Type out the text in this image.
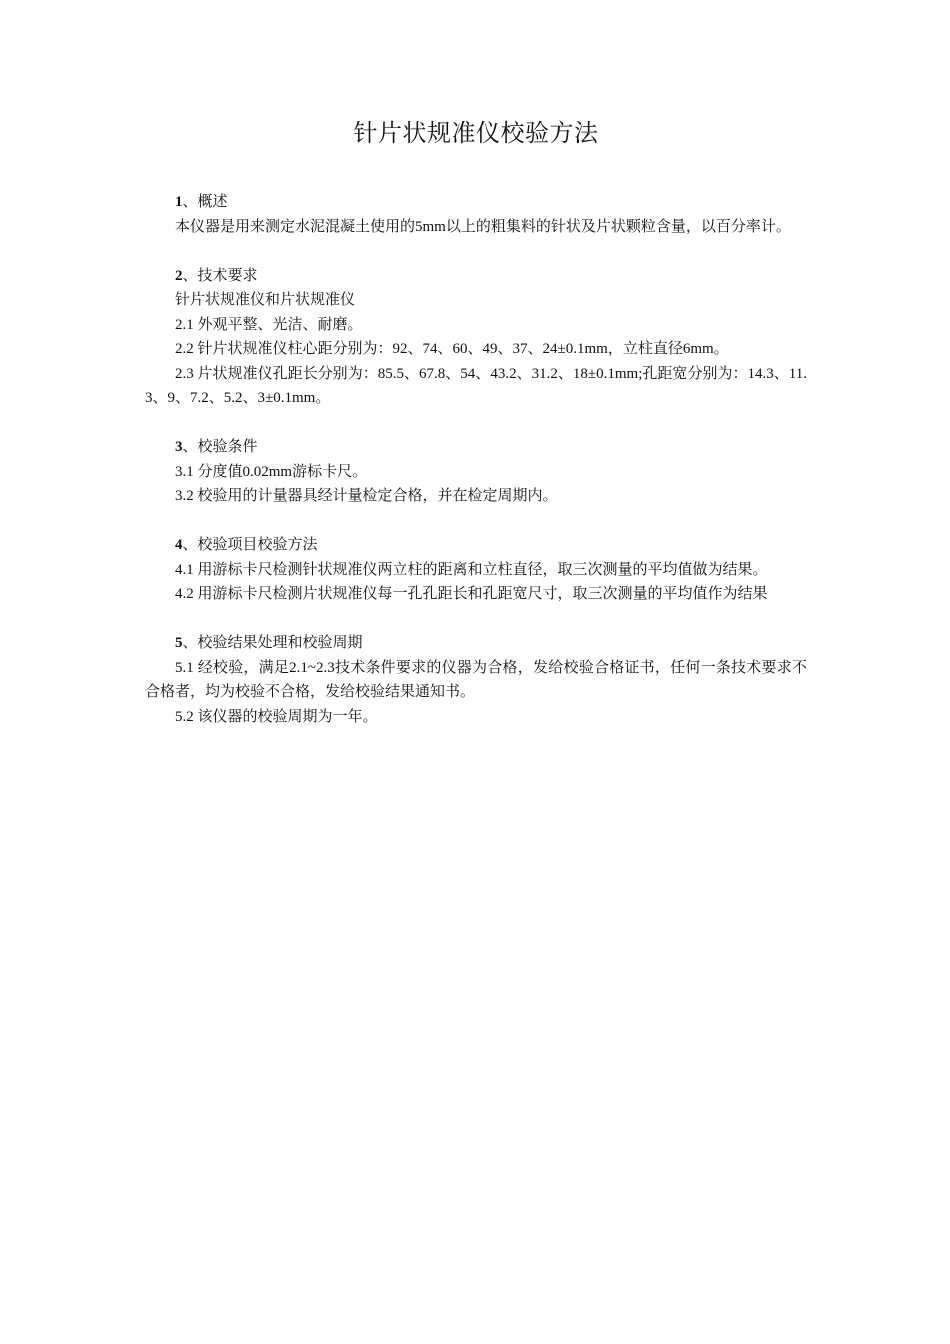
针片状规准仪校验方法

1、概述

本仪器是用来测定水泥混凝土使用的5mm以上的粗集料的针状及片状颗粒含量，以百分率计。

2、技术要求

针片状规准仪和片状规准仪

2.1 外观平整、光洁、耐磨。

2.2 针片状规准仪柱心距分别为：92、74、60、49、37、24±0.1mm，立柱直径6mm。

2.3 片状规准仪孔距长分别为：85.5、67.8、54、43.2、31.2、18±0.1mm;孔距宽分别为：14.3、11.3、9、7.2、5.2、3±0.1mm。

3、校验条件

3.1 分度值0.02mm游标卡尺。

3.2 校验用的计量器具经计量检定合格，并在检定周期内。

4、校验项目校验方法

4.1 用游标卡尺检测针状规准仪两立柱的距离和立柱直径，取三次测量的平均值做为结果。

4.2 用游标卡尺检测片状规准仪每一孔孔距长和孔距宽尺寸，取三次测量的平均值作为结果

5、校验结果处理和校验周期

5.1 经校验，满足2.1~2.3技术条件要求的仪器为合格，发给校验合格证书，任何一条技术要求不合格者，均为校验不合格，发给校验结果通知书。

5.2 该仪器的校验周期为一年。
